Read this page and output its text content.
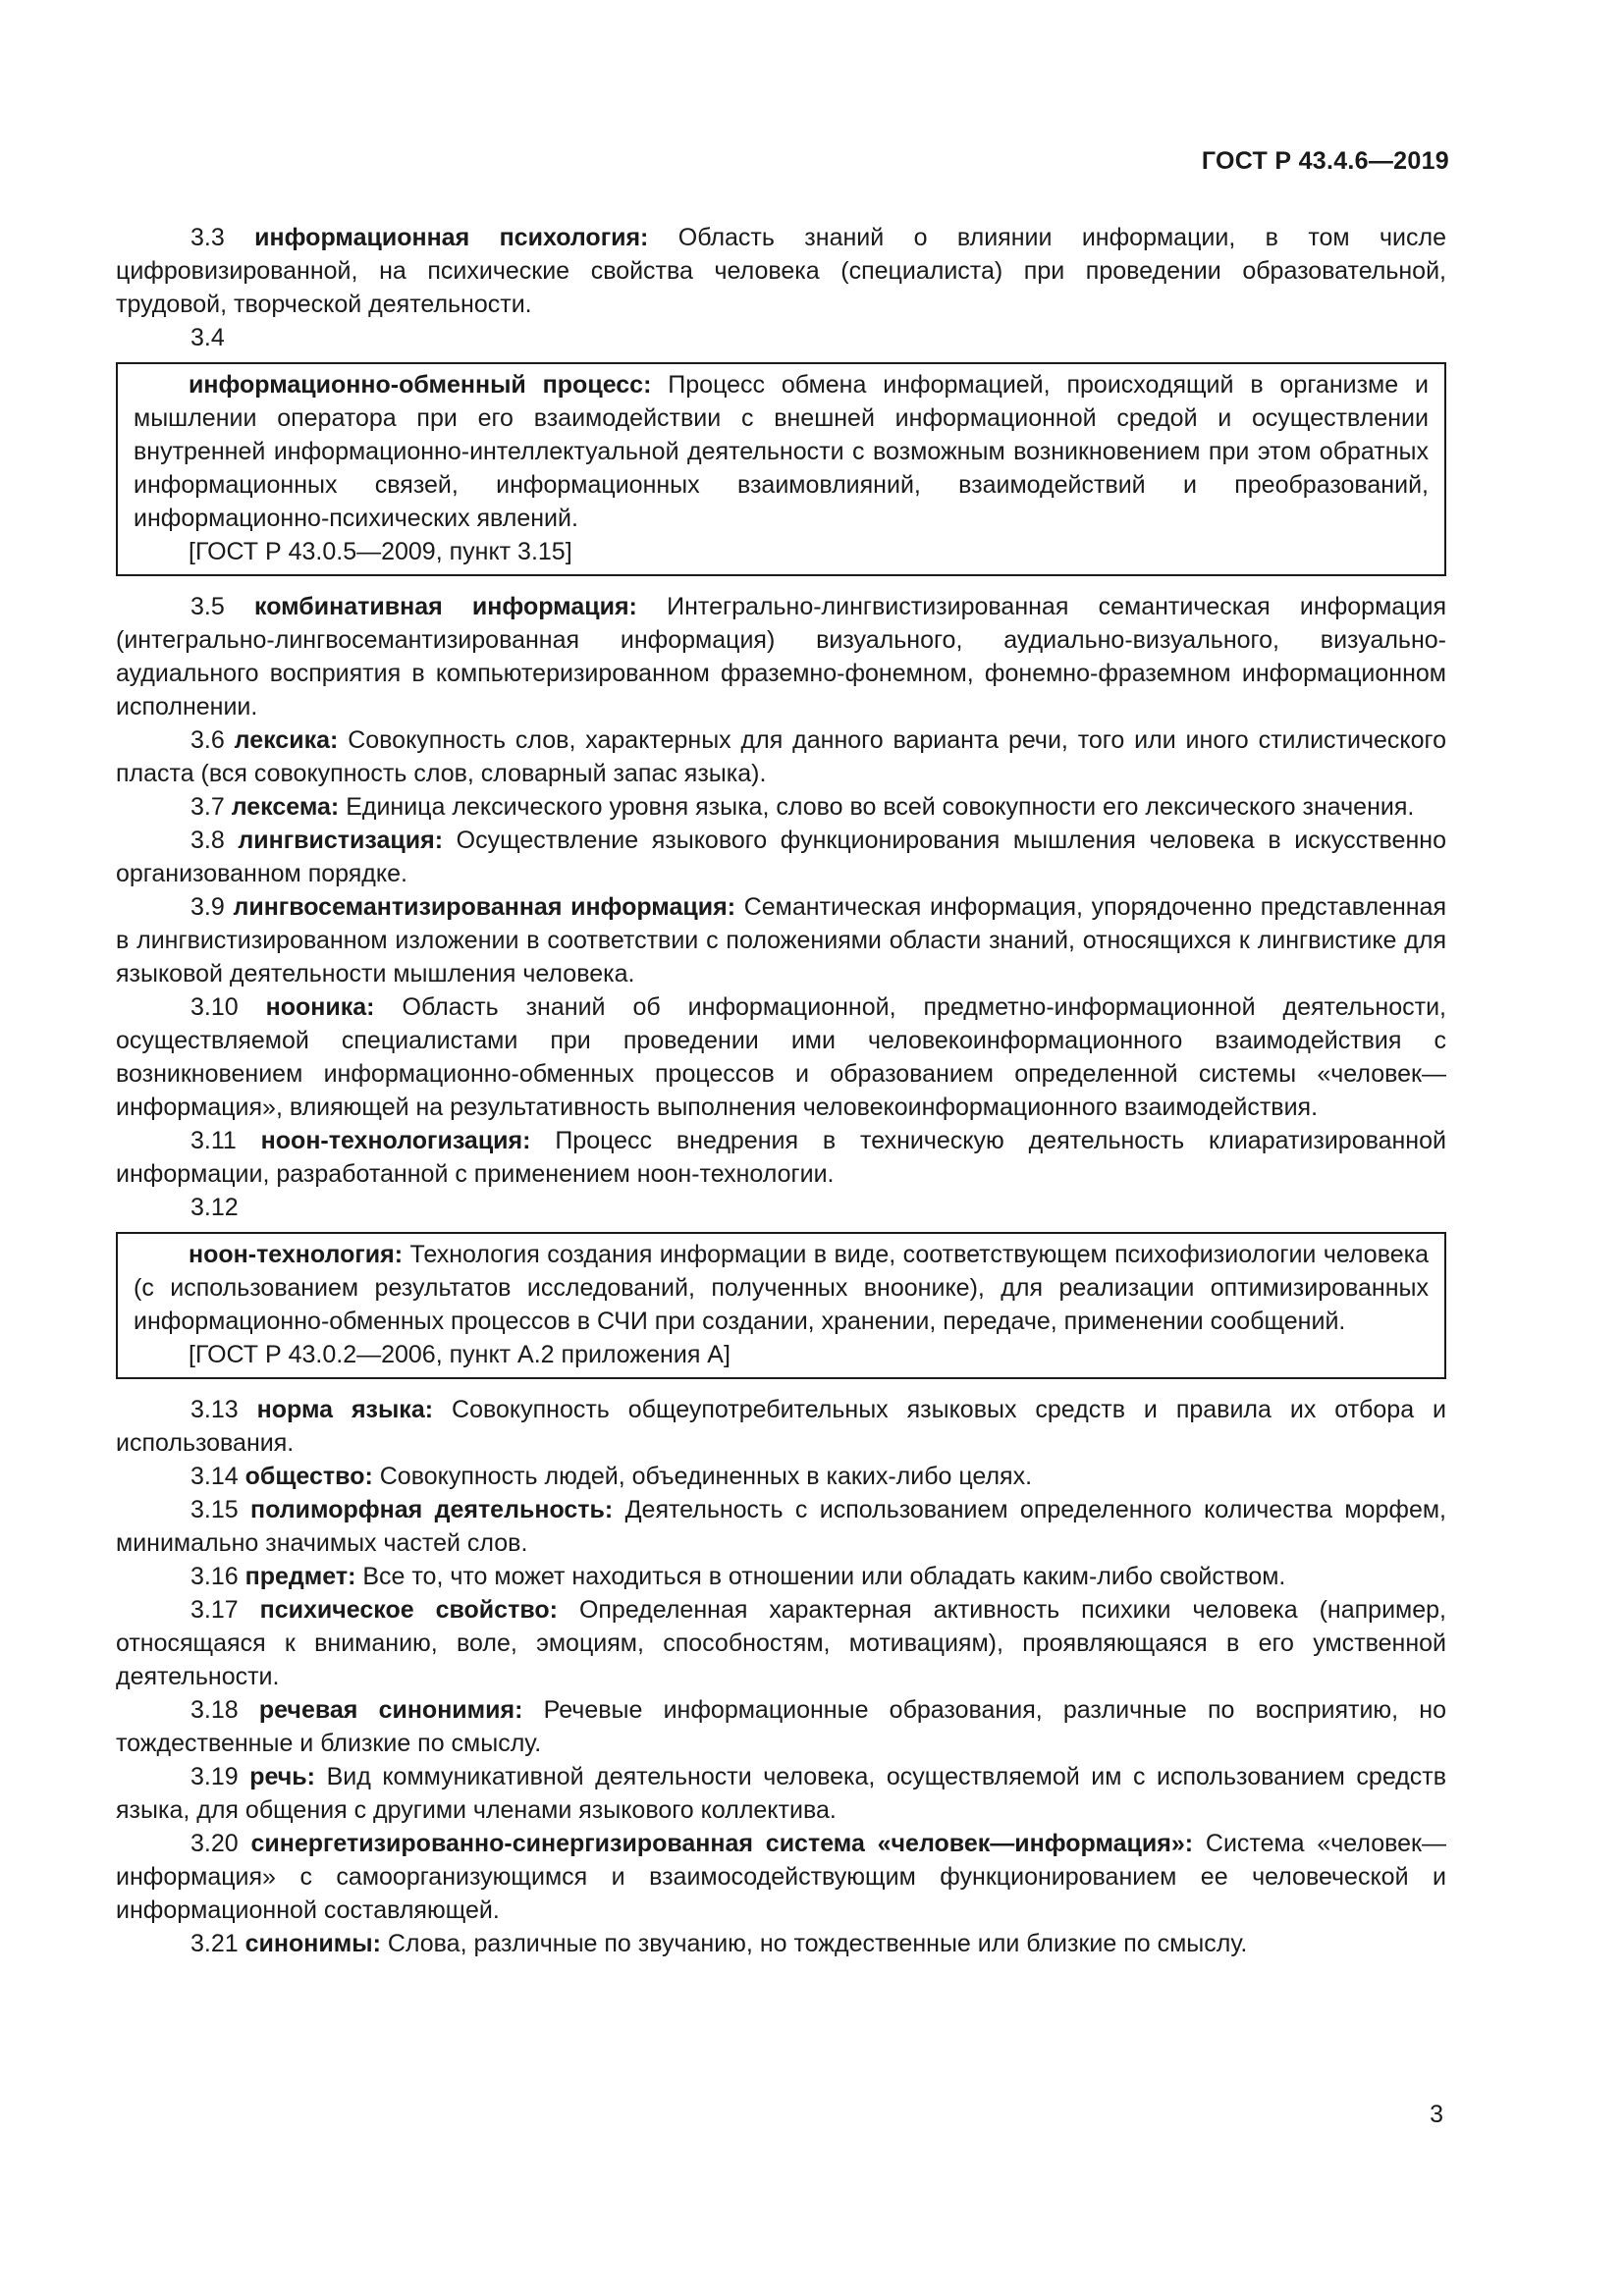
ГОСТ Р 43.4.6—2019

3.3 информационная психология: Область знаний о влиянии информации, в том числе цифровизированной, на психические свойства человека (специалиста) при проведении образовательной, трудовой, творческой деятельности.

3.4

информационно-обменный процесс: Процесс обмена информацией, происходящий в организме и мышлении оператора при его взаимодействии с внешней информационной средой и осуществлении внутренней информационно-интеллектуальной деятельности с возможным возникновением при этом обратных информационных связей, информационных взаимовлияний, взаимодействий и преобразований, информационно-психических явлений.

[ГОСТ Р 43.0.5—2009, пункт 3.15]

3.5 комбинативная информация: Интегрально-лингвистизированная семантическая информация (интегрально-лингвосемантизированная информация) визуального, аудиально-визуального, визуально-аудиального восприятия в компьютеризированном фраземно-фонемном, фонемно-фраземном информационном исполнении.

3.6 лексика: Совокупность слов, характерных для данного варианта речи, того или иного стилистического пласта (вся совокупность слов, словарный запас языка).

3.7 лексема: Единица лексического уровня языка, слово во всей совокупности его лексического значения.

3.8 лингвистизация: Осуществление языкового функционирования мышления человека в искусственно организованном порядке.

3.9 лингвосемантизированная информация: Семантическая информация, упорядоченно представленная в лингвистизированном изложении в соответствии с положениями области знаний, относящихся к лингвистике для языковой деятельности мышления человека.

3.10 нооника: Область знаний об информационной, предметно-информационной деятельности, осуществляемой специалистами при проведении ими человекоинформационного взаимодействия с возникновением информационно-обменных процессов и образованием определенной системы «человек— информация», влияющей на результативность выполнения человекоинформационного взаимодействия.

3.11 ноон-технологизация: Процесс внедрения в техническую деятельность клиаратизированной информации, разработанной с применением ноон-технологии.

3.12

ноон-технология: Технология создания информации в виде, соответствующем психофизиологии человека (с использованием результатов исследований, полученных вноонике), для реализации оптимизированных информационно-обменных процессов в СЧИ при создании, хранении, передаче, применении сообщений.

[ГОСТ Р 43.0.2—2006, пункт А.2 приложения А]

3.13 норма языка: Совокупность общеупотребительных языковых средств и правила их отбора и использования.

3.14 общество: Совокупность людей, объединенных в каких-либо целях.

3.15 полиморфная деятельность: Деятельность с использованием определенного количества морфем, минимально значимых частей слов.

3.16 предмет: Все то, что может находиться в отношении или обладать каким-либо свойством.

3.17 психическое свойство: Определенная характерная активность психики человека (например, относящаяся к вниманию, воле, эмоциям, способностям, мотивациям), проявляющаяся в его умственной деятельности.

3.18 речевая синонимия: Речевые информационные образования, различные по восприятию, но тождественные и близкие по смыслу.

3.19 речь: Вид коммуникативной деятельности человека, осуществляемой им с использованием средств языка, для общения с другими членами языкового коллектива.

3.20 синергетизированно-синергизированная система «человек—информация»: Система «человек—информация» с самоорганизующимся и взаимосодействующим функционированием ее человеческой и информационной составляющей.

3.21 синонимы: Слова, различные по звучанию, но тождественные или близкие по смыслу.

3
